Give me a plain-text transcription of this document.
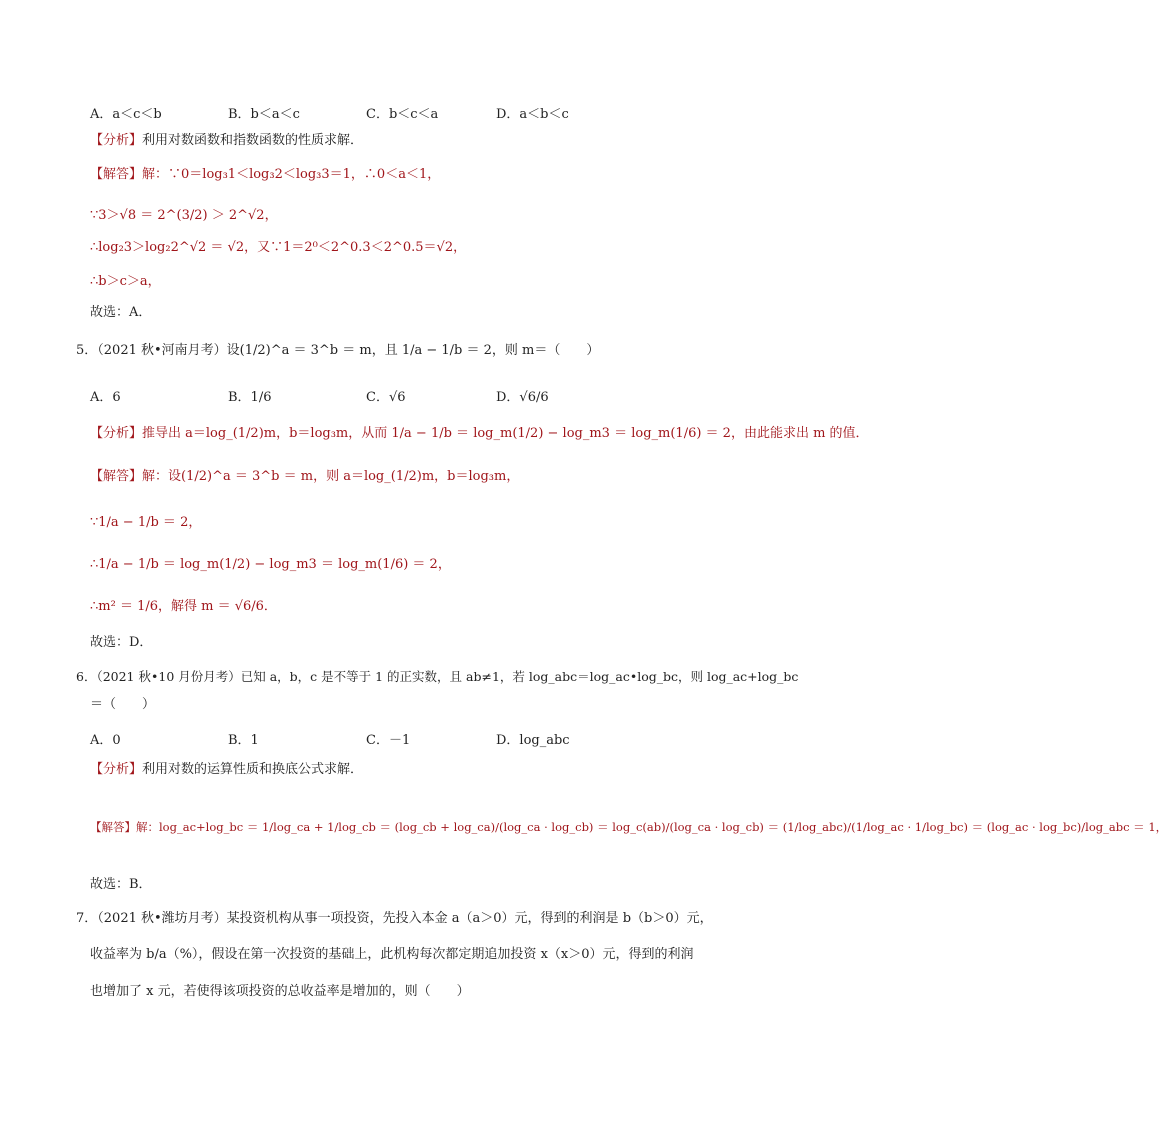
A．a＜c＜b	B．b＜a＜c	C．b＜c＜a	D．a＜b＜c
【分析】利用对数函数和指数函数的性质求解．
【解答】解：∵0＝log₃1＜log₃2＜log₃3＝1，∴0＜a＜1，
∵3＞√8 ＝ 2^(3/2) ＞ 2^√2，
∴log₂3＞log₂2^√2 ＝ √2，又∵1＝2⁰＜2^0.3＜2^0.5＝√2，
∴b＞c＞a，
故选：A．
5．（2021 秋•河南月考）设(1/2)^a ＝ 3^b ＝ m，且 1/a − 1/b ＝ 2，则 m＝（　　）
A．6	B．1/6	C．√6	D．√6/6
【分析】推导出 a＝log_(1/2)m，b＝log₃m，从而 1/a − 1/b ＝ log_m(1/2) − log_m3 ＝ log_m(1/6) ＝ 2，由此能求出 m 的值．
【解答】解：设(1/2)^a ＝ 3^b ＝ m，则 a＝log_(1/2)m，b＝log₃m，
∵1/a − 1/b ＝ 2，
∴1/a − 1/b ＝ log_m(1/2) − log_m3 ＝ log_m(1/6) ＝ 2，
∴m² ＝ 1/6，解得 m ＝ √6/6．
故选：D．
6．（2021 秋•10 月份月考）已知 a，b，c 是不等于 1 的正实数，且 ab≠1，若 log_abc＝log_ac•log_bc，则 log_ac+log_bc
＝（　　）
A．0	B．1	C．－1	D．log_abc
【分析】利用对数的运算性质和换底公式求解．
【解答】解：log_ac+log_bc ＝ 1/log_ca + 1/log_cb ＝ (log_cb + log_ca)/(log_ca · log_cb) ＝ log_c(ab)/(log_ca · log_cb) ＝ (1/log_abc)/(1/log_ac · 1/log_bc) ＝ (log_ac · log_bc)/log_abc ＝ 1，
故选：B．
7．（2021 秋•潍坊月考）某投资机构从事一项投资，先投入本金 a（a＞0）元，得到的利润是 b（b＞0）元，
收益率为 b/a（%），假设在第一次投资的基础上，此机构每次都定期追加投资 x（x＞0）元，得到的利润
也增加了 x 元，若使得该项投资的总收益率是增加的，则（　　）
